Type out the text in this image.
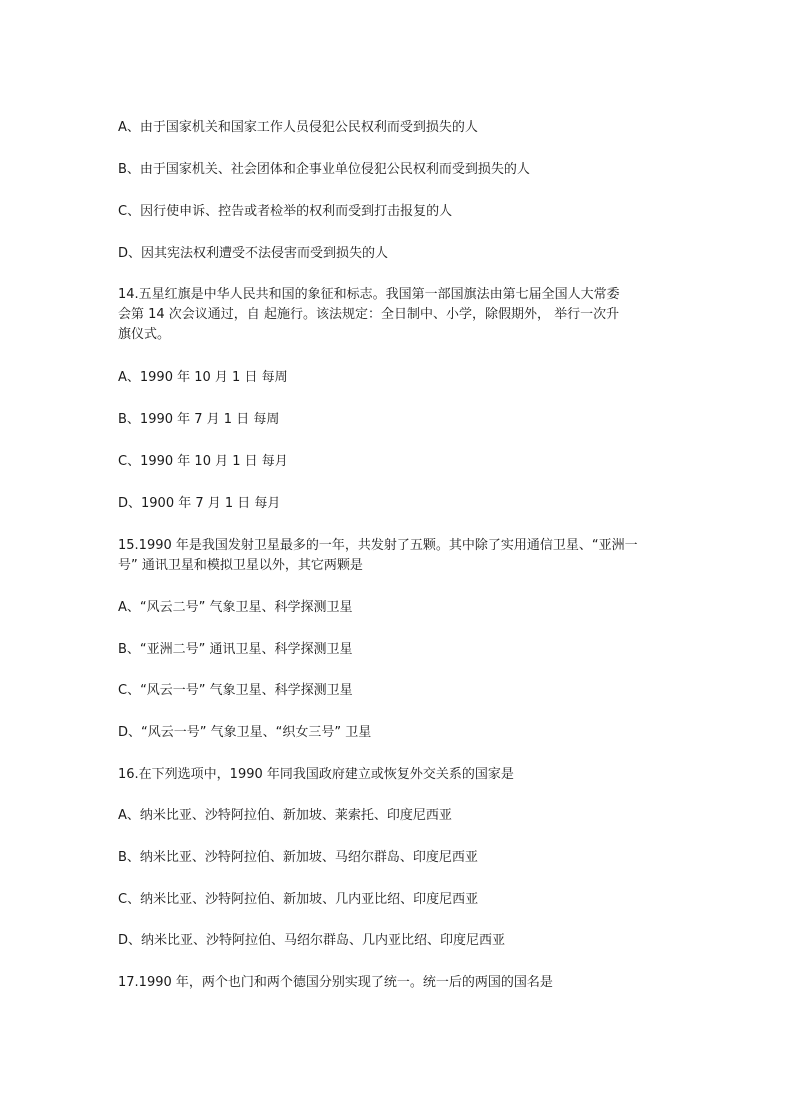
A、由于国家机关和国家工作人员侵犯公民权利而受到损失的人
B、由于国家机关、社会团体和企事业单位侵犯公民权利而受到损失的人
C、因行使申诉、控告或者检举的权利而受到打击报复的人
D、因其宪法权利遭受不法侵害而受到损失的人
14.五星红旗是中华人民共和国的象征和标志。我国第一部国旗法由第七届全国人大常委
会第 14 次会议通过，自 起施行。该法规定：全日制中、小学，除假期外， 举行一次升
旗仪式。
A、1990 年 10 月 1 日 每周
B、1990 年 7 月 1 日 每周
C、1990 年 10 月 1 日 每月
D、1900 年 7 月 1 日 每月
15.1990 年是我国发射卫星最多的一年，共发射了五颗。其中除了实用通信卫星、“亚洲一
号” 通讯卫星和模拟卫星以外，其它两颗是
A、“风云二号” 气象卫星、科学探测卫星
B、“亚洲二号” 通讯卫星、科学探测卫星
C、“风云一号” 气象卫星、科学探测卫星
D、“风云一号” 气象卫星、“织女三号” 卫星
16.在下列选项中，1990 年同我国政府建立或恢复外交关系的国家是
A、纳米比亚、沙特阿拉伯、新加坡、莱索托、印度尼西亚
B、纳米比亚、沙特阿拉伯、新加坡、马绍尔群岛、印度尼西亚
C、纳米比亚、沙特阿拉伯、新加坡、几内亚比绍、印度尼西亚
D、纳米比亚、沙特阿拉伯、马绍尔群岛、几内亚比绍、印度尼西亚
17.1990 年，两个也门和两个德国分别实现了统一。统一后的两国的国名是
